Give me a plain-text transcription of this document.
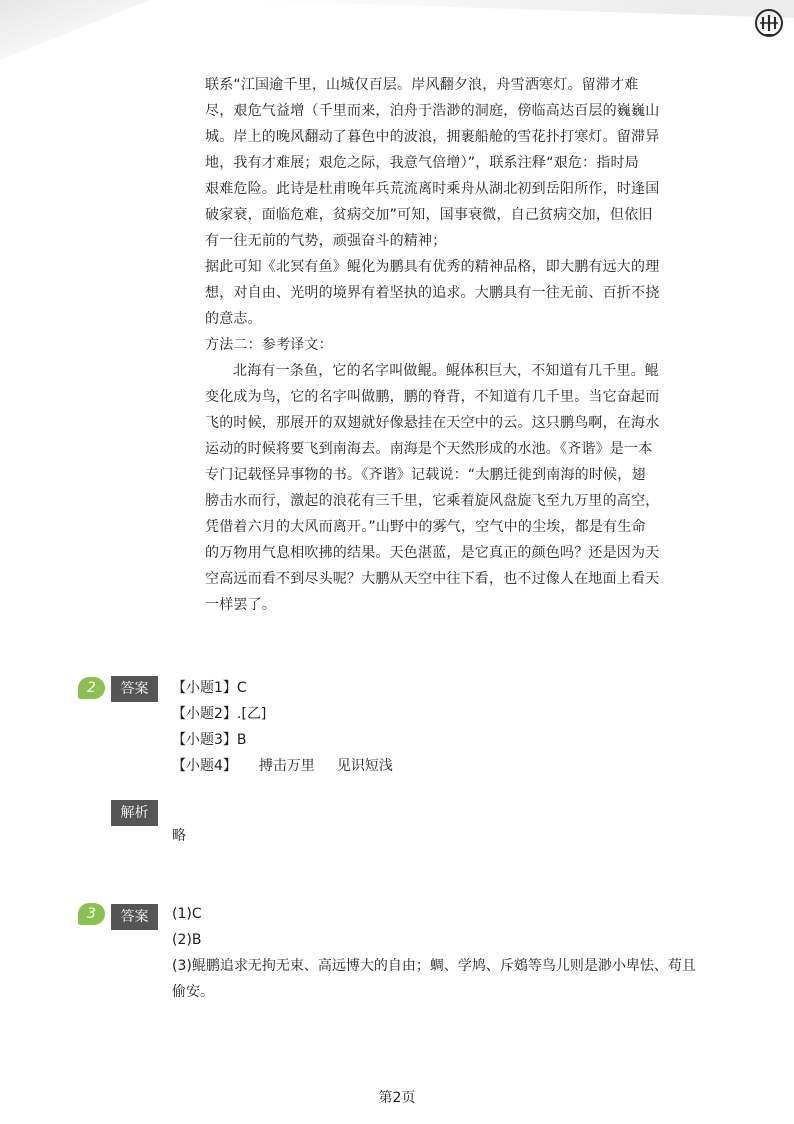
联系“江国逾千里，山城仅百层。岸风翻夕浪，舟雪洒寒灯。留滞才难

尽，艰危气益增（千里而来，泊舟于浩渺的洞庭，傍临高达百层的巍巍山

城。岸上的晚风翻动了暮色中的波浪，拥裹船舱的雪花扑打寒灯。留滞异

地，我有才难展；艰危之际，我意气倍增）”，联系注释“艰危：指时局

艰难危险。此诗是杜甫晚年兵荒流离时乘舟从湖北初到岳阳所作，时逢国

破家衰，面临危难，贫病交加”可知，国事衰微，自己贫病交加，但依旧

有一往无前的气势，顽强奋斗的精神；

据此可知《北冥有鱼》鲲化为鹏具有优秀的精神品格，即大鹏有远大的理

想，对自由、光明的境界有着坚执的追求。大鹏具有一往无前、百折不挠

的意志。

方法二：参考译文：

北海有一条鱼，它的名字叫做鲲。鲲体积巨大，不知道有几千里。鲲

变化成为鸟，它的名字叫做鹏，鹏的脊背，不知道有几千里。当它奋起而

飞的时候，那展开的双翅就好像悬挂在天空中的云。这只鹏鸟啊，在海水

运动的时候将要飞到南海去。南海是个天然形成的水池。《齐谐》是一本

专门记载怪异事物的书。《齐谐》记载说：“大鹏迁徙到南海的时候，翅

膀击水而行，激起的浪花有三千里，它乘着旋风盘旋飞至九万里的高空，

凭借着六月的大风而离开。”山野中的雾气，空气中的尘埃，都是有生命

的万物用气息相吹拂的结果。天色湛蓝，是它真正的颜色吗？还是因为天

空高远而看不到尽头呢？大鹏从天空中往下看，也不过像人在地面上看天

一样罢了。

2	答案	【小题1】C

【小题2】.[乙]

【小题3】B

【小题4】 搏击万里 见识短浅

解析
略
3	答案	(1)C

(2)B

(3)鲲鹏追求无拘无束、高远博大的自由；蜩、学鸠、斥鴳等鸟儿则是渺小卑怯、苟且

偷安。

第2页
